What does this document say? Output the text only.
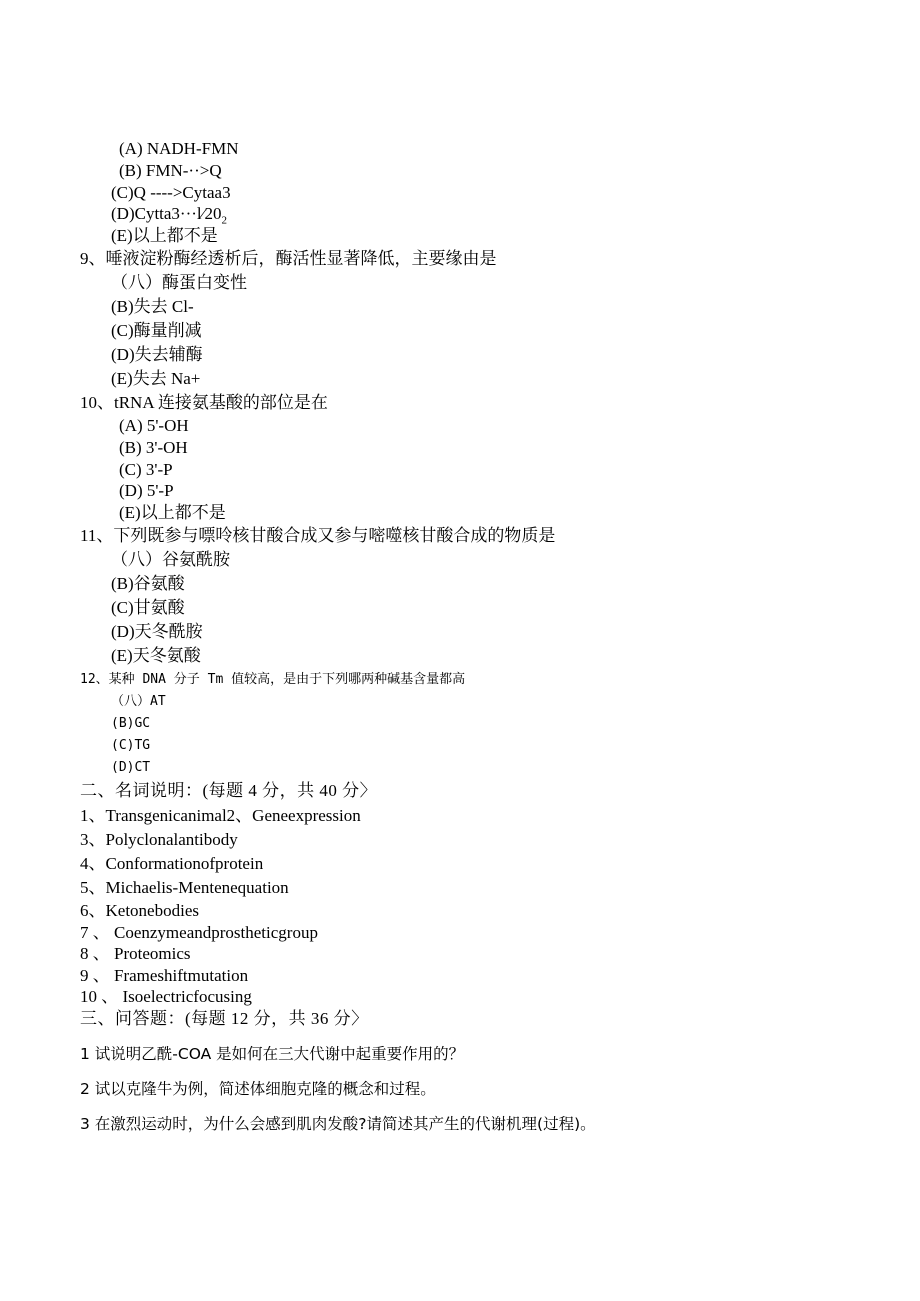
(A) NADH-FMN
(B) FMN-··>Q
(C)Q ---->Cytaa3
$(D)Cytta3\cdot\cdot\cdot l⁄20_2$
(E)以上都不是
9、唾液淀粉酶经透析后，酶活性显著降低，主要缘由是
（八）酶蛋白变性
(B)失去 Cl-
(C)酶量削减
(D)失去辅酶
(E)失去 Na+
10、tRNA 连接氨基酸的部位是在
(A) 5'-OH
(B) 3'-OH
(C) 3'-P
(D) 5'-P
(E)以上都不是
11、下列既参与嘌呤核甘酸合成又参与嘧噬核甘酸合成的物质是
（八）谷氨酰胺
(B)谷氨酸
(C)甘氨酸
(D)天冬酰胺
(E)天冬氨酸
12、某种 DNA 分子 Tm 值较高，是由于下列哪两种碱基含量都高
（八）AT
(B)GC
(C)TG
(D)CT
二、名词说明：(每题 4 分，共 40 分〉
1、Transgenicanimal2、Geneexpression
3、Polyclonalantibody
4、Conformationofprotein
5、Michaelis-Mentenequation
6、Ketonebodies
7 、 Coenzymeandprostheticgroup
8 、 Proteomics
9 、 Frameshiftmutation
10 、 Isoelectricfocusing
三、问答题：(每题 12 分，共 36 分〉
1 试说明乙酰-COA 是如何在三大代谢中起重要作用的？
2 试以克隆牛为例，简述体细胞克隆的概念和过程。
3 在激烈运动时，为什么会感到肌肉发酸?请简述其产生的代谢机理(过程)。
